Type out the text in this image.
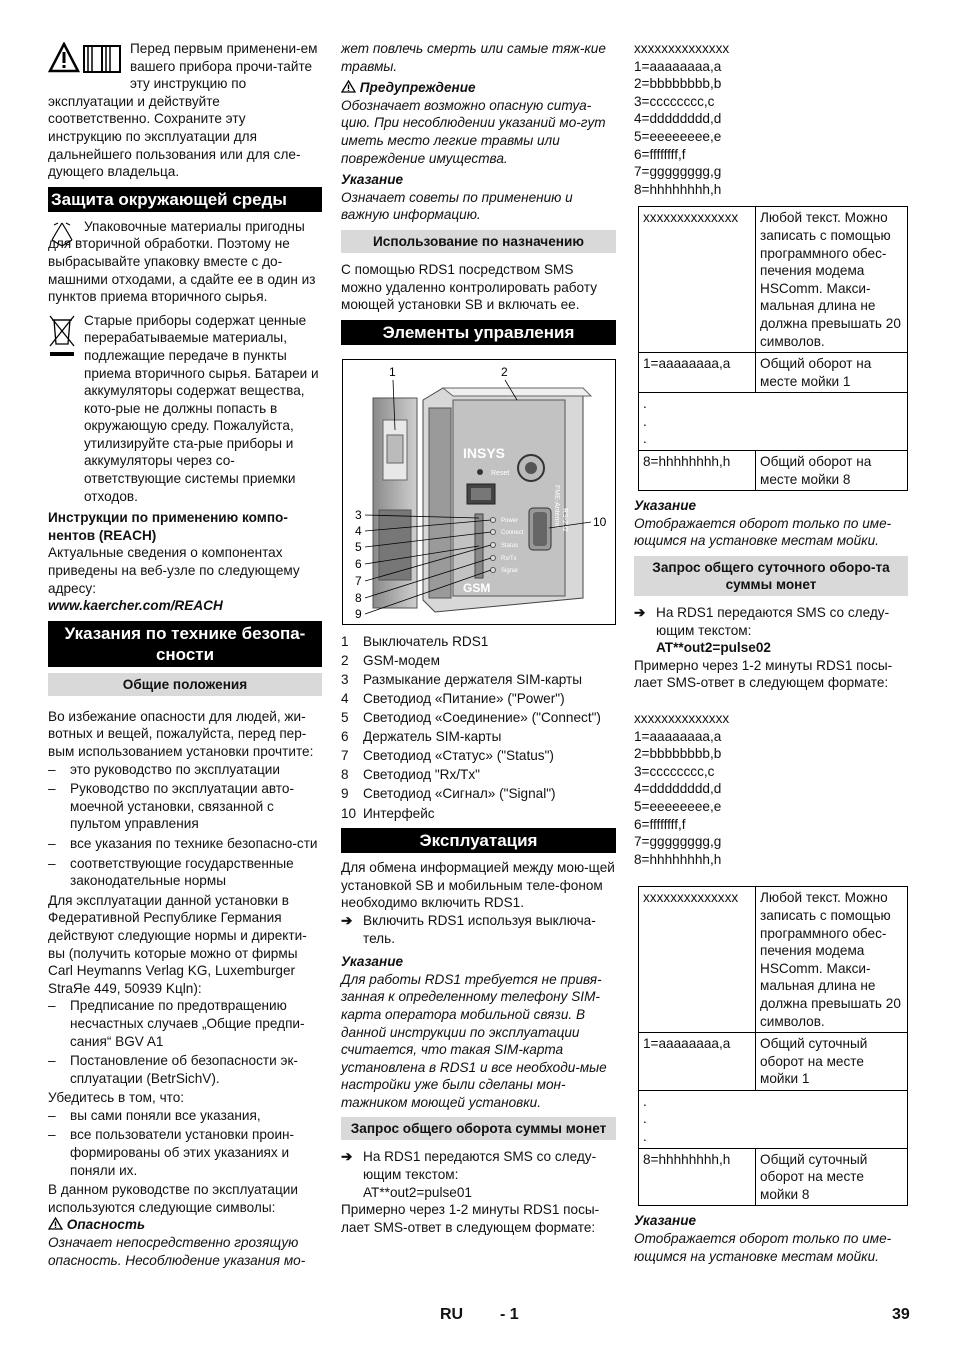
Перед первым применени-ем вашего прибора прочи-тайте эту инструкцию по эксплуатации и действуйте соответственно. Сохраните эту инструкцию по эксплуатации для дальнейшего пользования или для сле-дующего владельца.

Защита окружающей среды

Упаковочные материалы пригодны для вторичной обработки. Поэтому не выбрасывайте упаковку вместе с до-машними отходами, а сдайте ее в один из пунктов приема вторичного сырья.

Старые приборы содержат ценные перерабатываемые материалы, подлежащие передаче в пункты приема вторичного сырья. Батареи и аккумуляторы содержат вещества, кото-рые не должны попасть в окружающую среду. Пожалуйста, утилизируйте ста-рые приборы и аккумуляторы через со-ответствующие системы приемки отходов.

Инструкции по применению компо-нентов (REACH)

Актуальные сведения о компонентах приведены на веб-узле по следующему адресу:

www.kaercher.com/REACH

Указания по технике безопа-сности
Общие положения

Во избежание опасности для людей, жи-вотных и вещей, пожалуйста, перед пер-вым использованием установки прочтите:

– это руководство по эксплуатации
– Руководство по эксплуатации авто-моечной установки, связанной с пультом управления
– все указания по технике безопасно-сти
– соответствующие государственные законодательные нормы

Для эксплуатации данной установки в Федеративной Республике Германия действуют следующие нормы и директи-вы (получить которые можно от фирмы Carl Heymanns Verlag KG, Luxemburger StraЯe 449, 50939 Kцln):

– Предписание по предотвращению несчастных случаев „Общие предпи-сания“ BGV A1
– Постановление об безопасности эк-сплуатации (BetrSichV).

Убедитесь в том, что:

– вы сами поняли все указания,
– все пользователи установки проин-формированы об этих указаниях и поняли их.

В данном руководстве по эксплуатации используются следующие символы:

Опасность

Означает непосредственно грозящую опасность. Несоблюдение указания мо-

жет повлечь смерть или самые тяж-кие травмы.

Предупреждение

Обозначает возможно опасную ситуа-цию. При несоблюдении указаний мо-гут иметь место легкие травмы или повреждение имущества.

Указание

Означает советы по применению и важную информацию.

Использование по назначению

С помощью RDS1 посредством SMS можно удаленно контролировать работу моющей установки SB и включать ее.

Элементы управления
INSYS
Reset
FME-Antenne RS-232
Power
Connect
Status
Rx/Tx
Signal
GSM
1	2
3
4
5
6
7
8
9
10
1 Выключатель RDS1
2 GSM-модем
3 Размыкание держателя SIM-карты
4 Светодиод «Питание» ("Power")
5 Светодиод «Соединение» ("Connect")
6 Держатель SIM-карты
7 Светодиод «Статус» ("Status")
8 Светодиод "Rx/Tx"
9 Светодиод «Сигнал» ("Signal")
10 Интерфейс
Эксплуатация

Для обмена информацией между мою-щей установкой SB и мобильным теле-фоном необходимо включить RDS1.

➔ Включить RDS1 используя выключа-тель.

Указание

Для работы RDS1 требуется не привя-занная к определенному телефону SIM-карта оператора мобильной связи. В данной инструкции по эксплуатации считается, что такая SIM-карта установлена в RDS1 и все необходи-мые настройки уже были сделаны мон-тажником моющей установки.

Запрос общего оборота суммы монет

➔ На RDS1 передаются SMS со следу-ющим текстом:

AT**out2=pulse01

Примерно через 1-2 минуты RDS1 посы-лает SMS-ответ в следующем формате:

xxxxxxxxxxxxxx

1=aaaaaaaa,a

2=bbbbbbbb,b

3=cccccccc,c

4=dddddddd,d

5=eeeeeeee,e

6=ffffffff,f

7=gggggggg,g

8=hhhhhhhh,h

xxxxxxxxxxxxxx	Любой текст. Можно записать с помощью программного обес-печения модема HSComm. Макси-мальная длина не должна превышать 20 символов.
1=aaaaaaaa,a	Общий оборот на месте мойки 1
.
.
.	
8=hhhhhhhh,h	Общий оборот на месте мойки 8

Указание

Отображается оборот только по име-ющимся на установке местам мойки.

Запрос общего суточного оборо-та суммы монет

➔ На RDS1 передаются SMS со следу-ющим текстом:

AT**out2=pulse02

Примерно через 1-2 минуты RDS1 посы-лает SMS-ответ в следующем формате:

xxxxxxxxxxxxxx

1=aaaaaaaa,a

2=bbbbbbbb,b

3=cccccccc,c

4=dddddddd,d

5=eeeeeeee,e

6=ffffffff,f

7=gggggggg,g

8=hhhhhhhh,h

xxxxxxxxxxxxxx	Любой текст. Можно записать с помощью программного обес-печения модема HSComm. Макси-мальная длина не должна превышать 20 символов.
1=aaaaaaaa,a	Общий суточный оборот на месте мойки 1
.
.
.	
8=hhhhhhhh,h	Общий суточный оборот на месте мойки 8

Указание

Отображается оборот только по име-ющимся на установке местам мойки.

RU - 1	39
